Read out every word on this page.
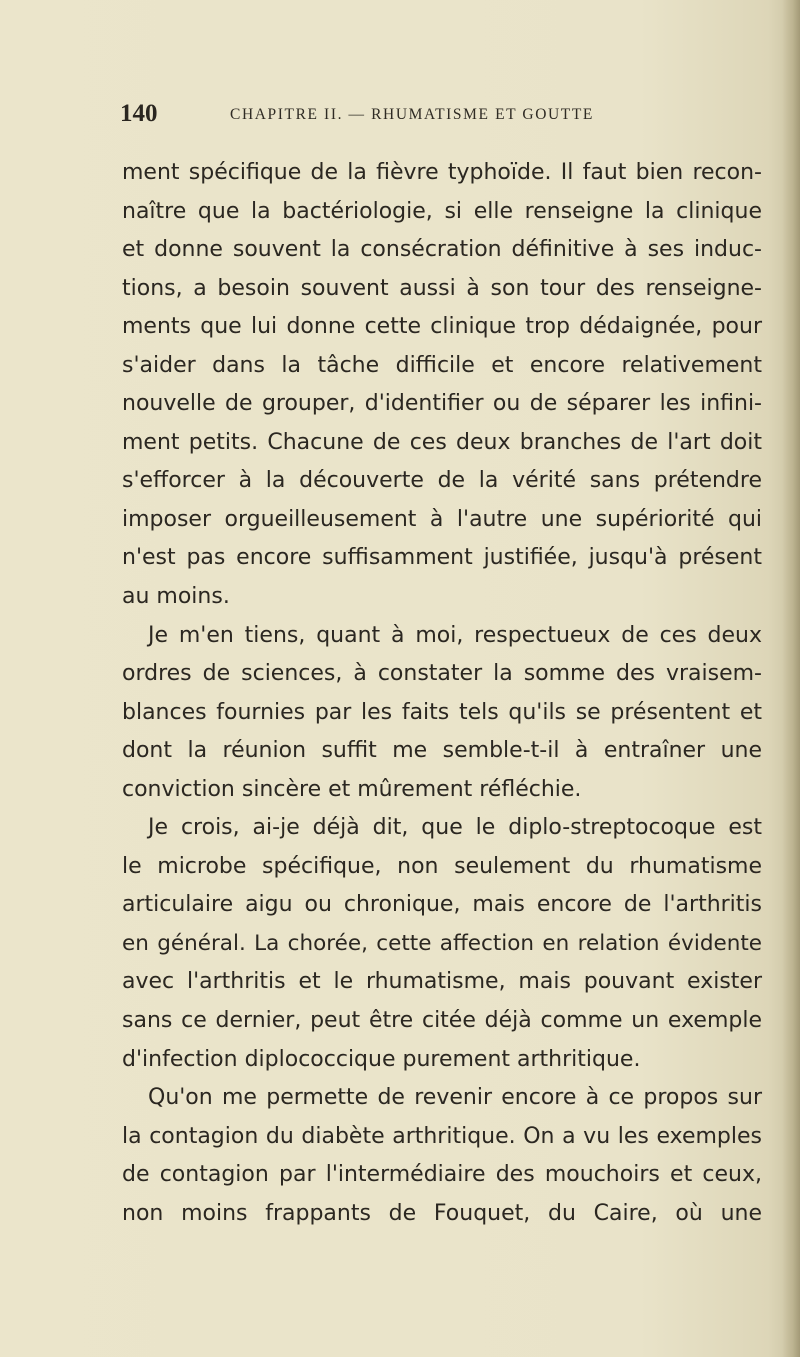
140	CHAPITRE II. — RHUMATISME ET GOUTTE
ment spécifique de la fièvre typhoïde. Il faut bien recon-
naître que la bactériologie, si elle renseigne la clinique
et donne souvent la consécration définitive à ses induc-
tions, a besoin souvent aussi à son tour des renseigne-
ments que lui donne cette clinique trop dédaignée, pour
s'aider dans la tâche difficile et encore relativement
nouvelle de grouper, d'identifier ou de séparer les infini-
ment petits. Chacune de ces deux branches de l'art doit
s'efforcer à la découverte de la vérité sans prétendre
imposer orgueilleusement à l'autre une supériorité qui
n'est pas encore suffisamment justifiée, jusqu'à présent
au moins.
Je m'en tiens, quant à moi, respectueux de ces deux
ordres de sciences, à constater la somme des vraisem-
blances fournies par les faits tels qu'ils se présentent et
dont la réunion suffit me semble-t-il à entraîner une
conviction sincère et mûrement réfléchie.
Je crois, ai-je déjà dit, que le diplo-streptocoque est
le microbe spécifique, non seulement du rhumatisme
articulaire aigu ou chronique, mais encore de l'arthritis
en général. La chorée, cette affection en relation évidente
avec l'arthritis et le rhumatisme, mais pouvant exister
sans ce dernier, peut être citée déjà comme un exemple
d'infection diplococcique purement arthritique.
Qu'on me permette de revenir encore à ce propos sur
la contagion du diabète arthritique. On a vu les exemples
de contagion par l'intermédiaire des mouchoirs et ceux,
non moins frappants de Fouquet, du Caire, où une
